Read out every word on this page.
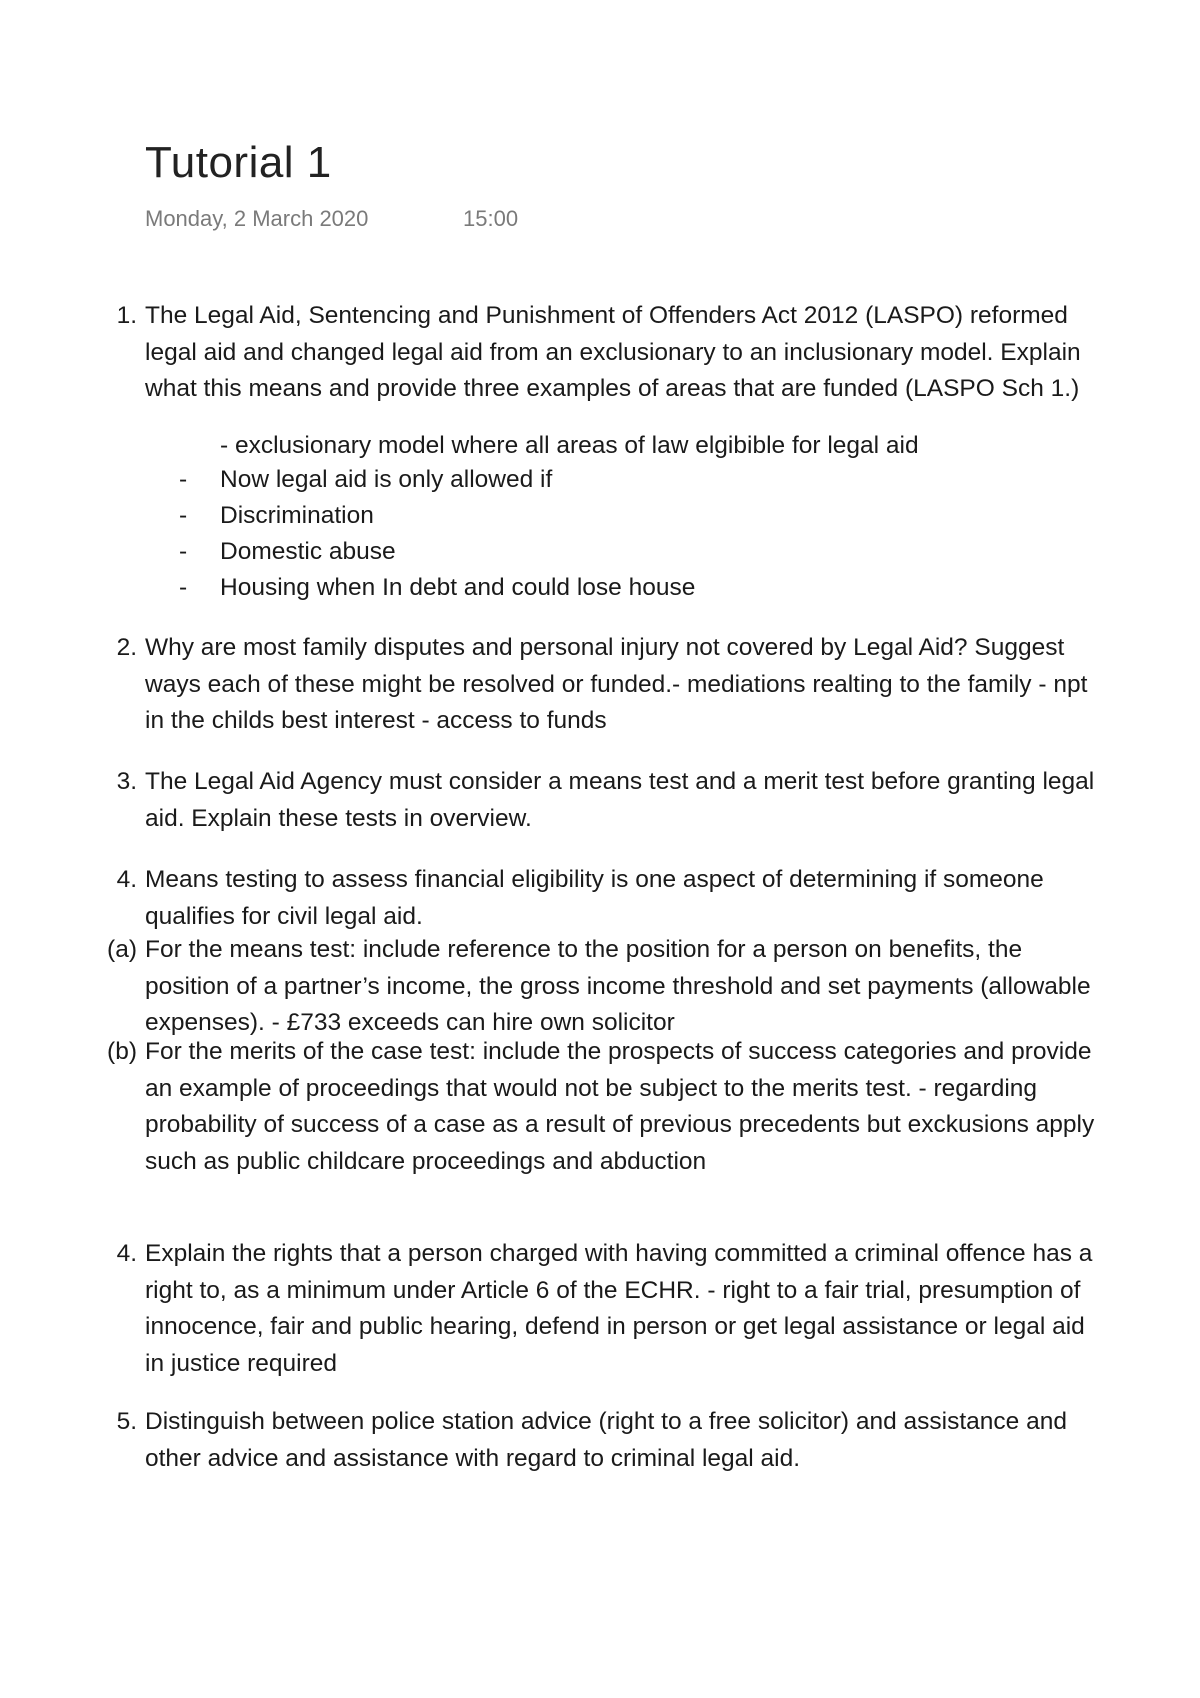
Tutorial 1
Monday, 2 March 2020	15:00
1. The Legal Aid, Sentencing and Punishment of Offenders Act 2012 (LASPO) reformed legal aid and changed legal aid from an exclusionary to an inclusionary model. Explain what this means and provide three examples of areas that are funded (LASPO Sch 1.)
- exclusionary model where all areas of law elgibible for legal aid
- Now legal aid is only allowed if
- Discrimination
- Domestic abuse
- Housing when In debt and could lose house
2. Why are most family disputes and personal injury not covered by Legal Aid? Suggest ways each of these might be resolved or funded.- mediations realting to the family - npt in the childs best interest - access to funds
3. The Legal Aid Agency must consider a means test and a merit test before granting legal aid. Explain these tests in overview.
4. Means testing to assess financial eligibility is one aspect of determining if someone qualifies for civil legal aid.
(a) For the means test: include reference to the position for a person on benefits, the position of a partner’s income, the gross income threshold and set payments (allowable expenses). - £733 exceeds can hire own solicitor
(b) For the merits of the case test: include the prospects of success categories and provide an example of proceedings that would not be subject to the merits test. - regarding probability of success of a case as a result of previous precedents but exckusions apply such as public childcare proceedings and abduction
4. Explain the rights that a person charged with having committed a criminal offence has a right to, as a minimum under Article 6 of the ECHR. - right to a fair trial, presumption of innocence, fair and public hearing, defend in person or get legal assistance or legal aid in justice required
5. Distinguish between police station advice (right to a free solicitor) and assistance and other advice and assistance with regard to criminal legal aid.
